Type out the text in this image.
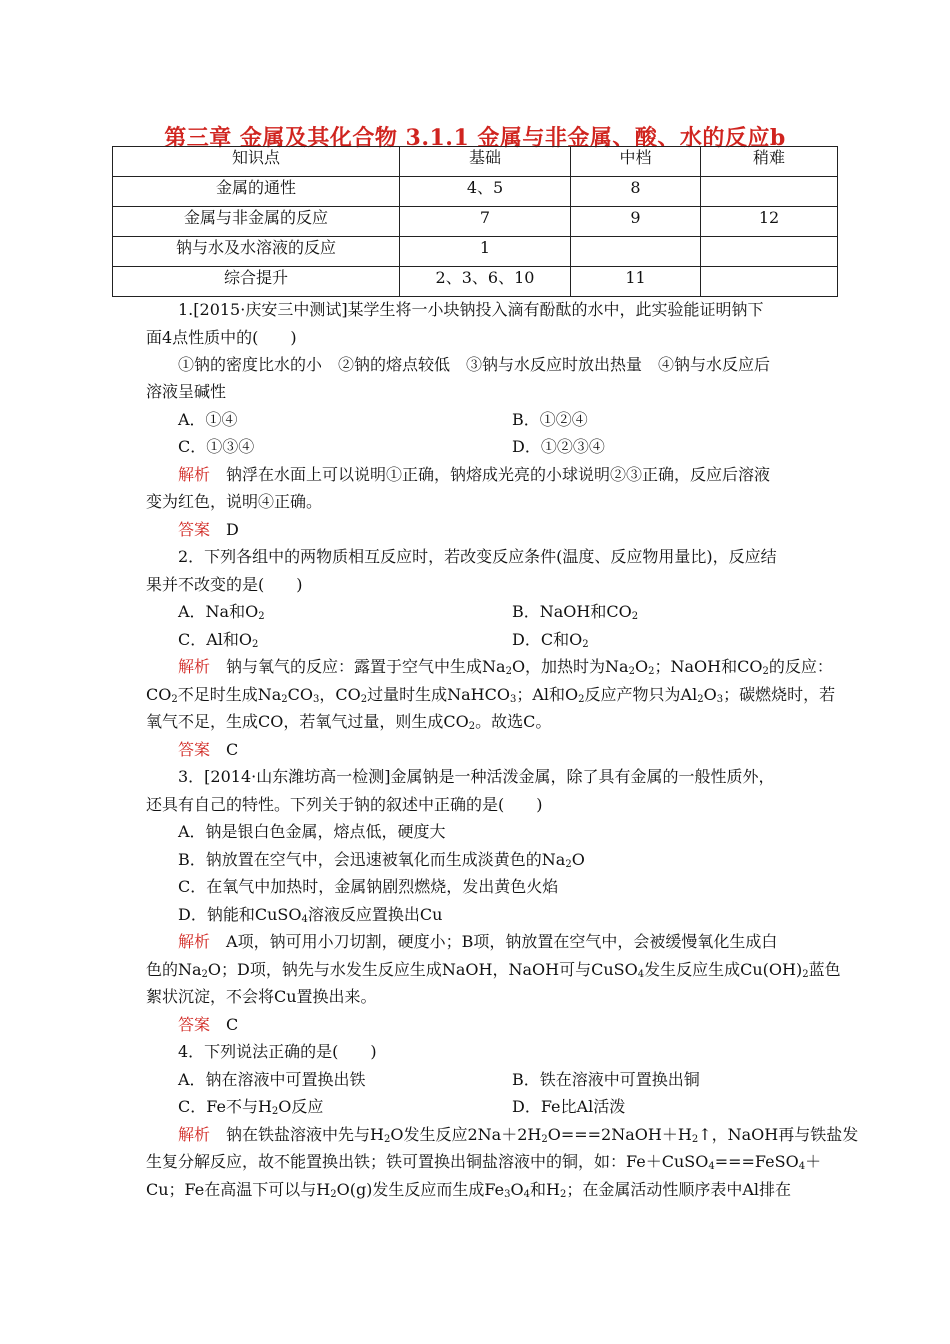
第三章 金属及其化合物 3.1.1 金属与非金属、酸、水的反应b
知识点	基础	中档	稍难
金属的通性	4、5	8	
金属与非金属的反应	7	9	12
钠与水及水溶液的反应	1		
综合提升	2、3、6、10	11	
1.[2015·庆安三中测试]某学生将一小块钠投入滴有酚酞的水中，此实验能证明钠下
面4点性质中的(　　)
①钠的密度比水的小　②钠的熔点较低　③钠与水反应时放出热量　④钠与水反应后
溶液呈碱性
A．①④	B．①②④
C．①③④	D．①②③④
解析　钠浮在水面上可以说明①正确，钠熔成光亮的小球说明②③正确，反应后溶液
变为红色，说明④正确。
答案　D
2．下列各组中的两物质相互反应时，若改变反应条件(温度、反应物用量比)，反应结
果并不改变的是(　　)
A．Na和$O_2$	B．NaOH和$CO_2$
C．Al和$O_2$	D．C和$O_2$
解析　钠与氧气的反应：露置于空气中生成$Na_2O$，加热时为$Na_2O_2$；NaOH和$CO_2$的反应：
$CO_2$不足时生成$Na_2CO_3$，$CO_2$过量时生成NaHCO$_3$；Al和$O_2$反应产物只为$Al_2O_3$；碳燃烧时，若
氧气不足，生成CO，若氧气过量，则生成$CO_2$。故选C。
答案　C
3．[2014·山东潍坊高一检测]金属钠是一种活泼金属，除了具有金属的一般性质外，
还具有自己的特性。下列关于钠的叙述中正确的是(　　)
A．钠是银白色金属，熔点低，硬度大
B．钠放置在空气中，会迅速被氧化而生成淡黄色的$Na_2O$
C．在氧气中加热时，金属钠剧烈燃烧，发出黄色火焰
D．钠能和CuSO$_4$溶液反应置换出Cu
解析　A项，钠可用小刀切割，硬度小；B项，钠放置在空气中，会被缓慢氧化生成白
色的$Na_2O$；D项，钠先与水发生反应生成NaOH，NaOH可与CuSO$_4$发生反应生成$Cu(OH)_2$蓝色
絮状沉淀，不会将Cu置换出来。
答案　C
4．下列说法正确的是(　　)
A．钠在溶液中可置换出铁	B．铁在溶液中可置换出铜
C．Fe不与$H_2O$反应	D．Fe比Al活泼
解析　钠在铁盐溶液中先与$H_2O$发生反应$2Na+2H_2O===2NaOH+H_2↑$，NaOH再与铁盐发
生复分解反应，故不能置换出铁；铁可置换出铜盐溶液中的铜，如：Fe＋CuSO$_4$===FeSO$_4$＋
Cu；Fe在高温下可以与$H_2O(g)$发生反应而生成$Fe_3O_4$和$H_2$；在金属活动性顺序表中Al排在
